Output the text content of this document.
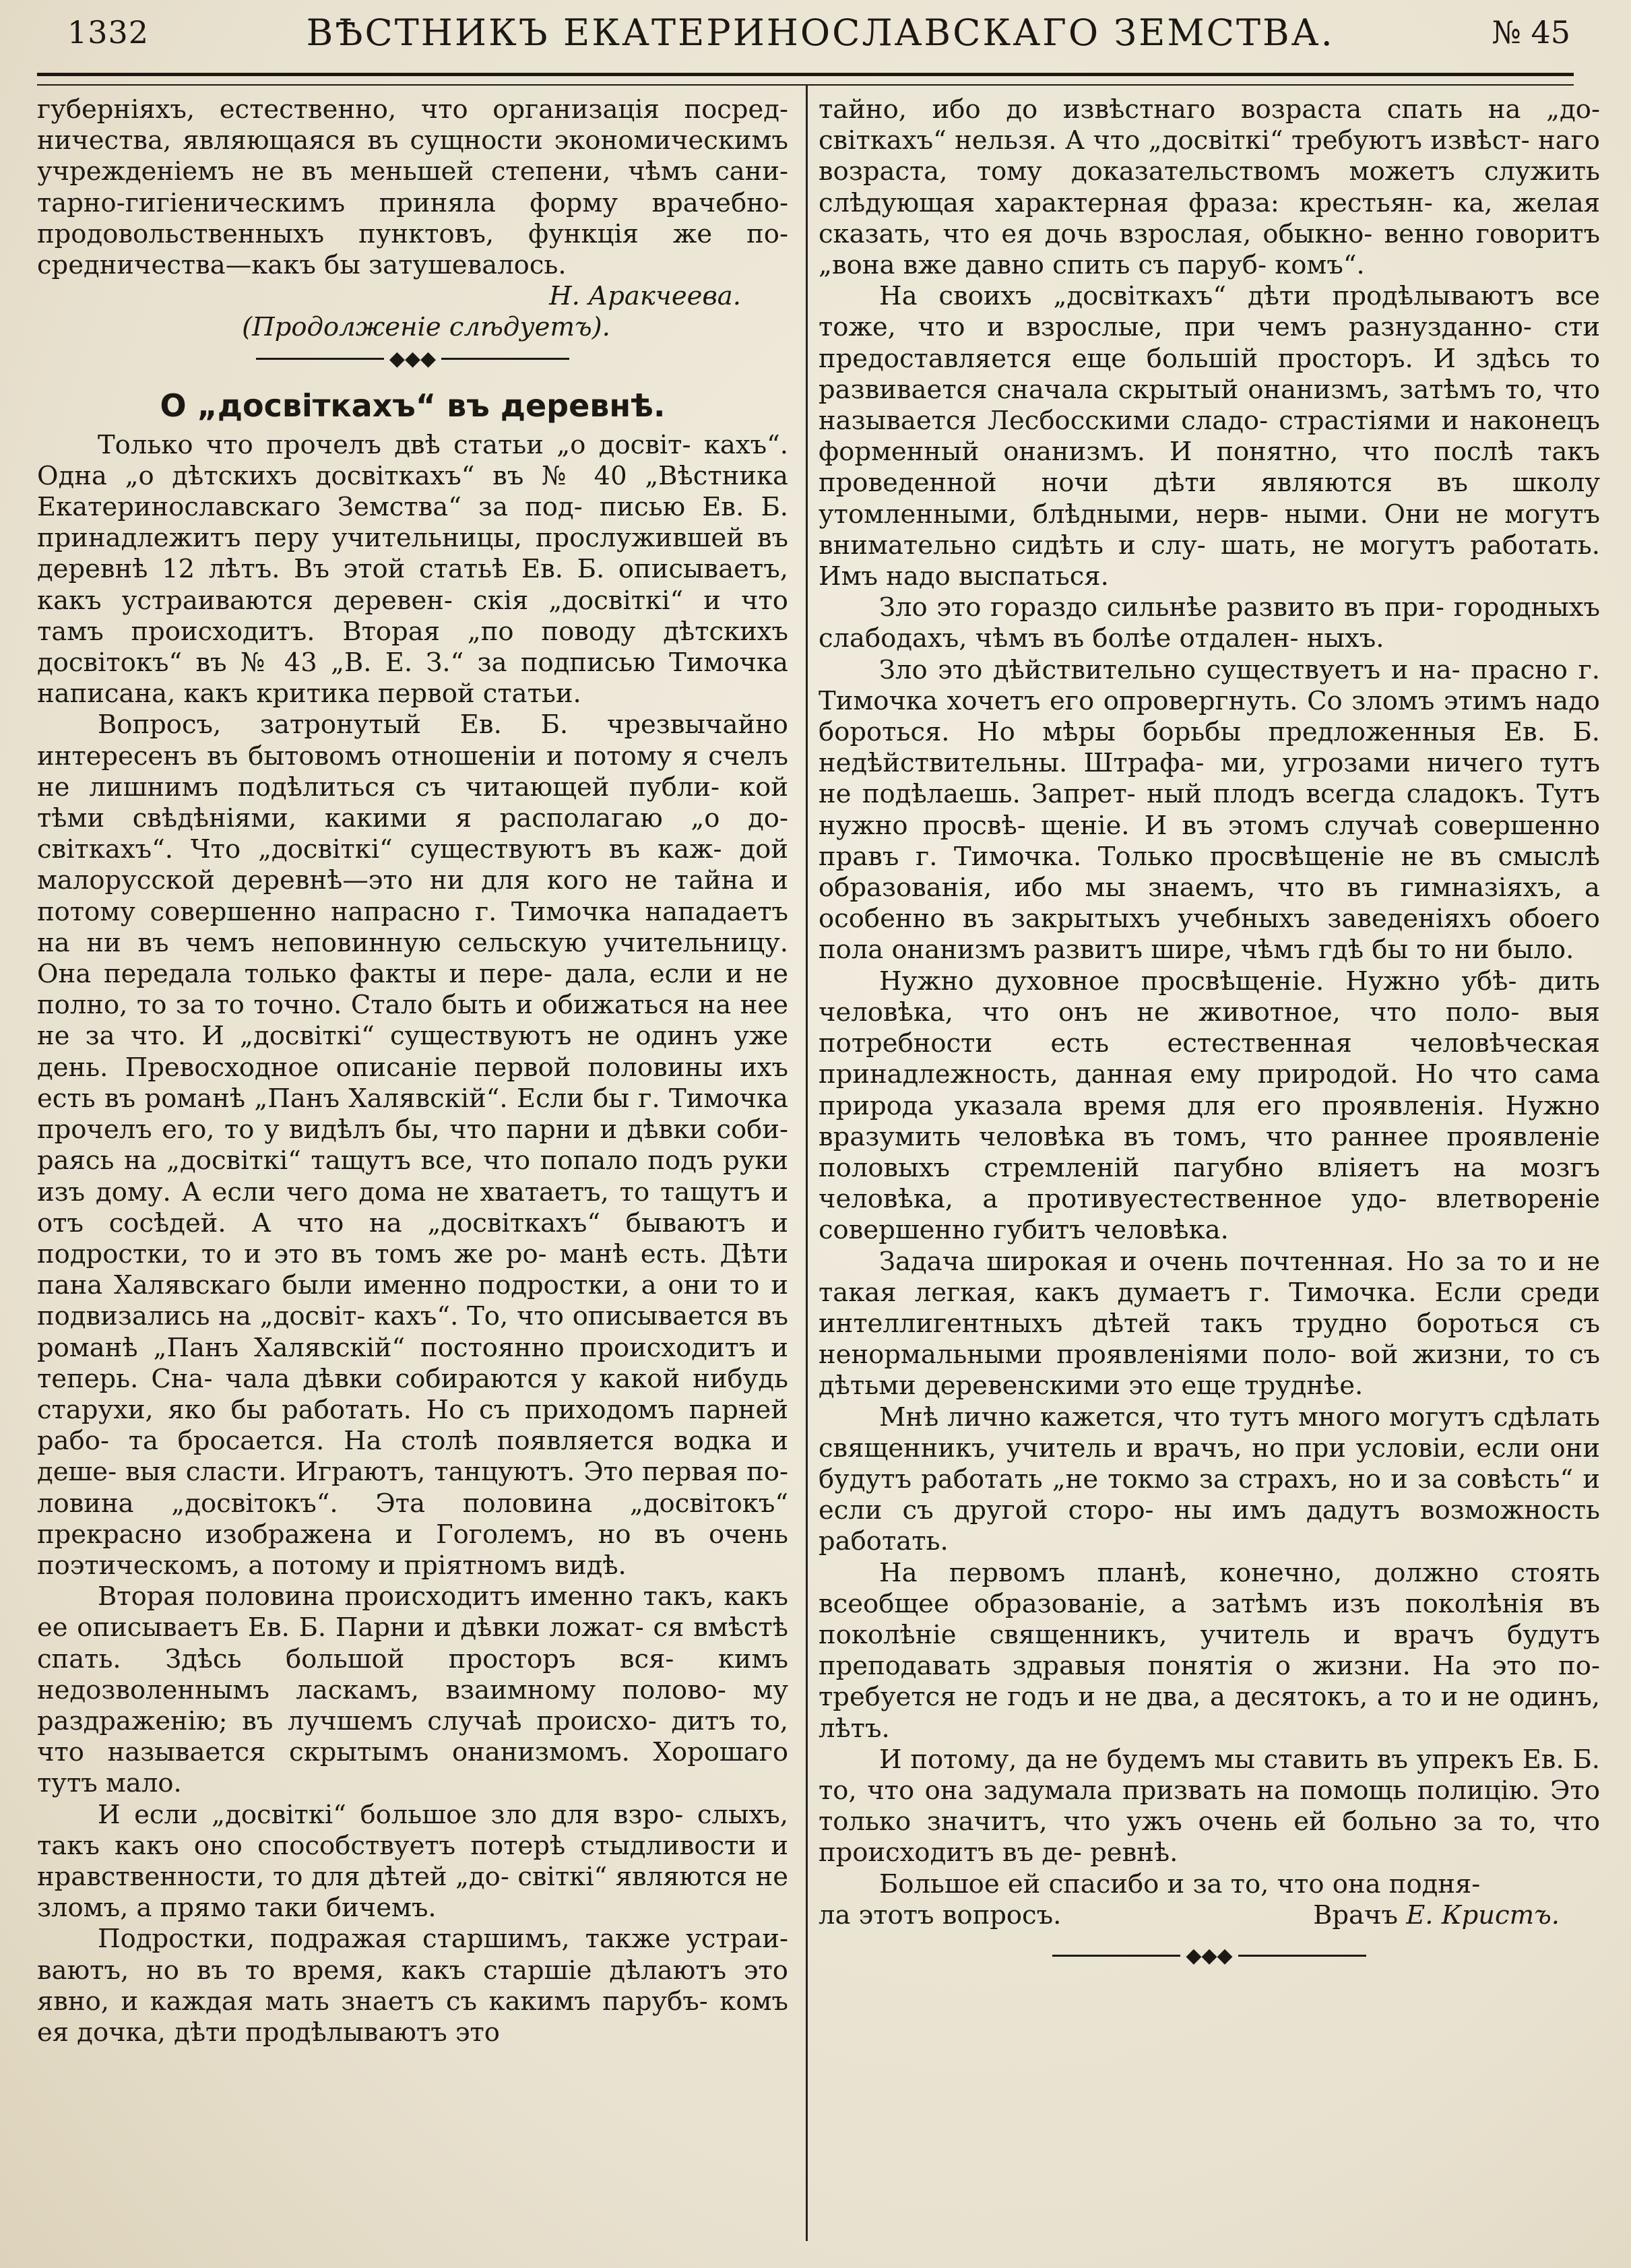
1332	ВѢСТНИКЪ ЕКАТЕРИНОСЛАВСКАГО ЗЕМСТВА.	№ 45

губерніяхъ, естественно, что организація посред- ничества, являющаяся въ сущности экономическимъ учрежденіемъ не въ меньшей степени, чѣмъ сани- тарно-гигіеническимъ приняла форму врачебно- продовольственныхъ пунктовъ, функція же по- средничества—какъ бы затушевалось.

Н. Аракчеева.
(Продолженіе слѣдуетъ).
◆◆◆
О „досвіткахъ“ въ деревнѣ.

Только что прочелъ двѣ статьи „о досвіт- кахъ“. Одна „о дѣтскихъ досвіткахъ“ въ № 40 „Вѣстника Екатеринославскаго Земства“ за под- писью Ев. Б. принадлежитъ перу учительницы, прослужившей въ деревнѣ 12 лѣтъ. Въ этой статьѣ Ев. Б. описываетъ, какъ устраиваются деревен- скія „досвіткі“ и что тамъ происходитъ. Вторая „по поводу дѣтскихъ досвітокъ“ въ № 43 „В. Е. З.“ за подписью Тимочка написана, какъ критика первой статьи.

Вопросъ, затронутый Ев. Б. чрезвычайно интересенъ въ бытовомъ отношеніи и потому я счелъ не лишнимъ подѣлиться съ читающей публи- кой тѣми свѣдѣніями, какими я располагаю „о до- світкахъ“. Что „досвіткі“ существуютъ въ каж- дой малорусской деревнѣ—это ни для кого не тайна и потому совершенно напрасно г. Тимочка нападаетъ на ни въ чемъ неповинную сельскую учительницу. Она передала только факты и пере- дала, если и не полно, то за то точно. Стало быть и обижаться на нее не за что. И „досвіткі“ существуютъ не одинъ уже день. Превосходное описаніе первой половины ихъ есть въ романѣ „Панъ Халявскій“. Если бы г. Тимочка прочелъ его, то у видѣлъ бы, что парни и дѣвки соби- раясь на „досвіткі“ тащутъ все, что попало подъ руки изъ дому. А если чего дома не хватаетъ, то тащутъ и отъ сосѣдей. А что на „досвіткахъ“ бываютъ и подростки, то и это въ томъ же ро- манѣ есть. Дѣти пана Халявскаго были именно подростки, а они то и подвизались на „досвіт- кахъ“. То, что описывается въ романѣ „Панъ Халявскій“ постоянно происходитъ и теперь. Сна- чала дѣвки собираются у какой нибудь старухи, яко бы работать. Но съ приходомъ парней рабо- та бросается. На столѣ появляется водка и деше- выя сласти. Играютъ, танцуютъ. Это первая по- ловина „досвітокъ“. Эта половина „досвітокъ“ прекрасно изображена и Гоголемъ, но въ очень поэтическомъ, а потому и пріятномъ видѣ.

Вторая половина происходитъ именно такъ, какъ ее описываетъ Ев. Б. Парни и дѣвки ложат- ся вмѣстѣ спать. Здѣсь большой просторъ вся- кимъ недозволеннымъ ласкамъ, взаимному полово- му раздраженію; въ лучшемъ случаѣ происхо- дитъ то, что называется скрытымъ онанизмомъ. Хорошаго тутъ мало.

И если „досвіткі“ большое зло для взро- слыхъ, такъ какъ оно способствуетъ потерѣ стыдливости и нравственности, то для дѣтей „до- світкі“ являются не зломъ, а прямо таки бичемъ.

Подростки, подражая старшимъ, также устраи- ваютъ, но въ то время, какъ старшіе дѣлаютъ это явно, и каждая мать знаетъ съ какимъ парубъ- комъ ея дочка, дѣти продѣлываютъ это

тайно, ибо до извѣстнаго возраста спать на „до- світкахъ“ нельзя. А что „досвіткі“ требуютъ извѣст- наго возраста, тому доказательствомъ можетъ служить слѣдующая характерная фраза: крестьян- ка, желая сказать, что ея дочь взрослая, обыкно- венно говоритъ „вона вже давно спить съ паруб- комъ“.

На своихъ „досвіткахъ“ дѣти продѣлываютъ все тоже, что и взрослые, при чемъ разнузданно- сти предоставляется еще большій просторъ. И здѣсь то развивается сначала скрытый онанизмъ, затѣмъ то, что называется Лесбосскими сладо- страстіями и наконецъ форменный онанизмъ. И понятно, что послѣ такъ проведенной ночи дѣти являются въ школу утомленными, блѣдными, нерв- ными. Они не могутъ внимательно сидѣть и слу- шать, не могутъ работать. Имъ надо выспаться.

Зло это гораздо сильнѣе развито въ при- городныхъ слабодахъ, чѣмъ въ болѣе отдален- ныхъ.

Зло это дѣйствительно существуетъ и на- прасно г. Тимочка хочетъ его опровергнуть. Со зломъ этимъ надо бороться. Но мѣры борьбы предложенныя Ев. Б. недѣйствительны. Штрафа- ми, угрозами ничего тутъ не подѣлаешь. Запрет- ный плодъ всегда сладокъ. Тутъ нужно просвѣ- щеніе. И въ этомъ случаѣ совершенно правъ г. Тимочка. Только просвѣщеніе не въ смыслѣ образованія, ибо мы знаемъ, что въ гимназіяхъ, а особенно въ закрытыхъ учебныхъ заведеніяхъ обоего пола онанизмъ развитъ шире, чѣмъ гдѣ бы то ни было.

Нужно духовное просвѣщеніе. Нужно убѣ- дить человѣка, что онъ не животное, что поло- выя потребности есть естественная человѣческая принадлежность, данная ему природой. Но что сама природа указала время для его проявленія. Нужно вразумить человѣка въ томъ, что раннее проявленіе половыхъ стремленій пагубно вліяетъ на мозгъ человѣка, а противуестественное удо- влетвореніе совершенно губитъ человѣка.

Задача широкая и очень почтенная. Но за то и не такая легкая, какъ думаетъ г. Тимочка. Если среди интеллигентныхъ дѣтей такъ трудно бороться съ ненормальными проявленіями поло- вой жизни, то съ дѣтьми деревенскими это еще труднѣе.

Мнѣ лично кажется, что тутъ много могутъ сдѣлать священникъ, учитель и врачъ, но при условіи, если они будутъ работать „не токмо за страхъ, но и за совѣсть“ и если съ другой сторо- ны имъ дадутъ возможность работать.

На первомъ планѣ, конечно, должно стоять всеобщее образованіе, а затѣмъ изъ поколѣнія въ поколѣніе священникъ, учитель и врачъ будутъ преподавать здравыя понятія о жизни. На это по- требуется не годъ и не два, а десятокъ, а то и не одинъ, лѣтъ.

И потому, да не будемъ мы ставить въ упрекъ Ев. Б. то, что она задумала призвать на помощь полицію. Это только значитъ, что ужъ очень ей больно за то, что происходитъ въ де- ревнѣ.

Большое ей спасибо и за то, что она подня-

ла этотъ вопросъ.	Врачъ Е. Кристъ.
◆◆◆
